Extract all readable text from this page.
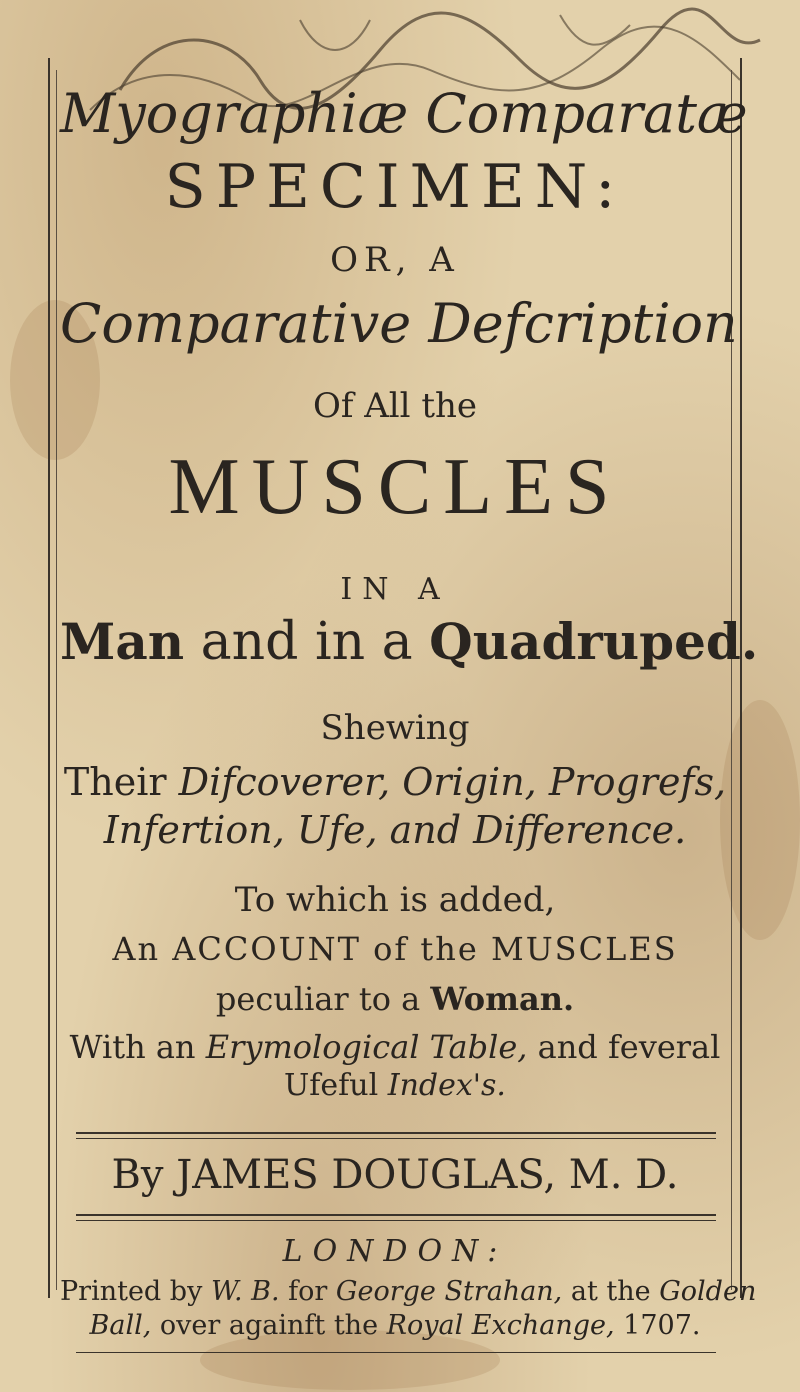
Myographiæ Comparatæ
SPECIMEN:
OR, A
Comparative Defcription
Of All the
MUSCLES
IN A
Man and in a Quadruped.
Shewing
Their Difcoverer, Origin, Progrefs,
Infertion, Ufe, and Difference.
To which is added,
An ACCOUNT of the MUSCLES
peculiar to a Woman.
With an Erymological Table, and feveral
Ufeful Index's.
By JAMES DOUGLAS, M. D.
LONDON:
Printed by W. B. for George Strahan, at the Golden
Ball, over againft the Royal Exchange, 1707.
